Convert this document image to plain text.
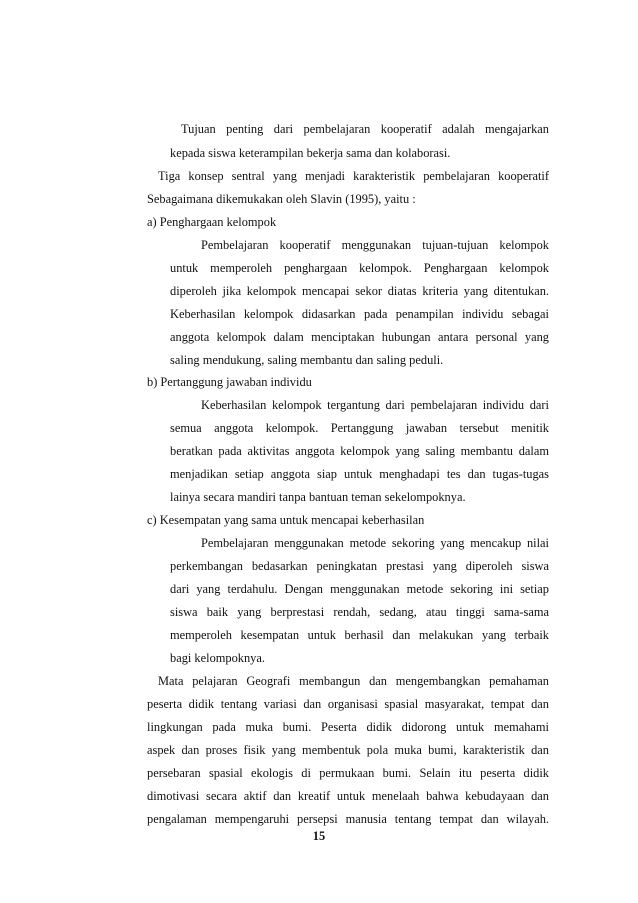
Tujuan penting dari pembelajaran kooperatif adalah mengajarkan
kepada siswa keterampilan bekerja sama dan kolaborasi.
Tiga konsep sentral yang menjadi karakteristik pembelajaran kooperatif
Sebagaimana dikemukakan oleh Slavin (1995), yaitu :
a) Penghargaan kelompok
Pembelajaran kooperatif menggunakan tujuan-tujuan kelompok
untuk memperoleh penghargaan kelompok. Penghargaan kelompok
diperoleh jika kelompok mencapai sekor diatas kriteria yang ditentukan.
Keberhasilan kelompok didasarkan pada penampilan individu sebagai
anggota kelompok dalam menciptakan hubungan antara personal yang
saling mendukung, saling membantu dan saling peduli.
b) Pertanggung jawaban individu
Keberhasilan kelompok tergantung dari pembelajaran individu dari
semua anggota kelompok. Pertanggung jawaban tersebut menitik
beratkan pada aktivitas anggota kelompok yang saling membantu dalam
menjadikan setiap anggota siap untuk menghadapi tes dan tugas-tugas
lainya secara mandiri tanpa bantuan teman sekelompoknya.
c) Kesempatan yang sama untuk mencapai keberhasilan
Pembelajaran menggunakan metode sekoring yang mencakup nilai
perkembangan bedasarkan peningkatan prestasi yang diperoleh siswa
dari yang terdahulu. Dengan menggunakan metode sekoring ini setiap
siswa baik yang berprestasi rendah, sedang, atau tinggi sama-sama
memperoleh kesempatan untuk berhasil dan melakukan yang terbaik
bagi kelompoknya.
Mata pelajaran Geografi membangun dan mengembangkan pemahaman
peserta didik tentang variasi dan organisasi spasial masyarakat, tempat dan
lingkungan pada muka bumi. Peserta didik didorong untuk memahami
aspek dan proses fisik yang membentuk pola muka bumi, karakteristik dan
persebaran spasial ekologis di permukaan bumi. Selain itu peserta didik
dimotivasi secara aktif dan kreatif untuk menelaah bahwa kebudayaan dan
pengalaman mempengaruhi persepsi manusia tentang tempat dan wilayah.
15
